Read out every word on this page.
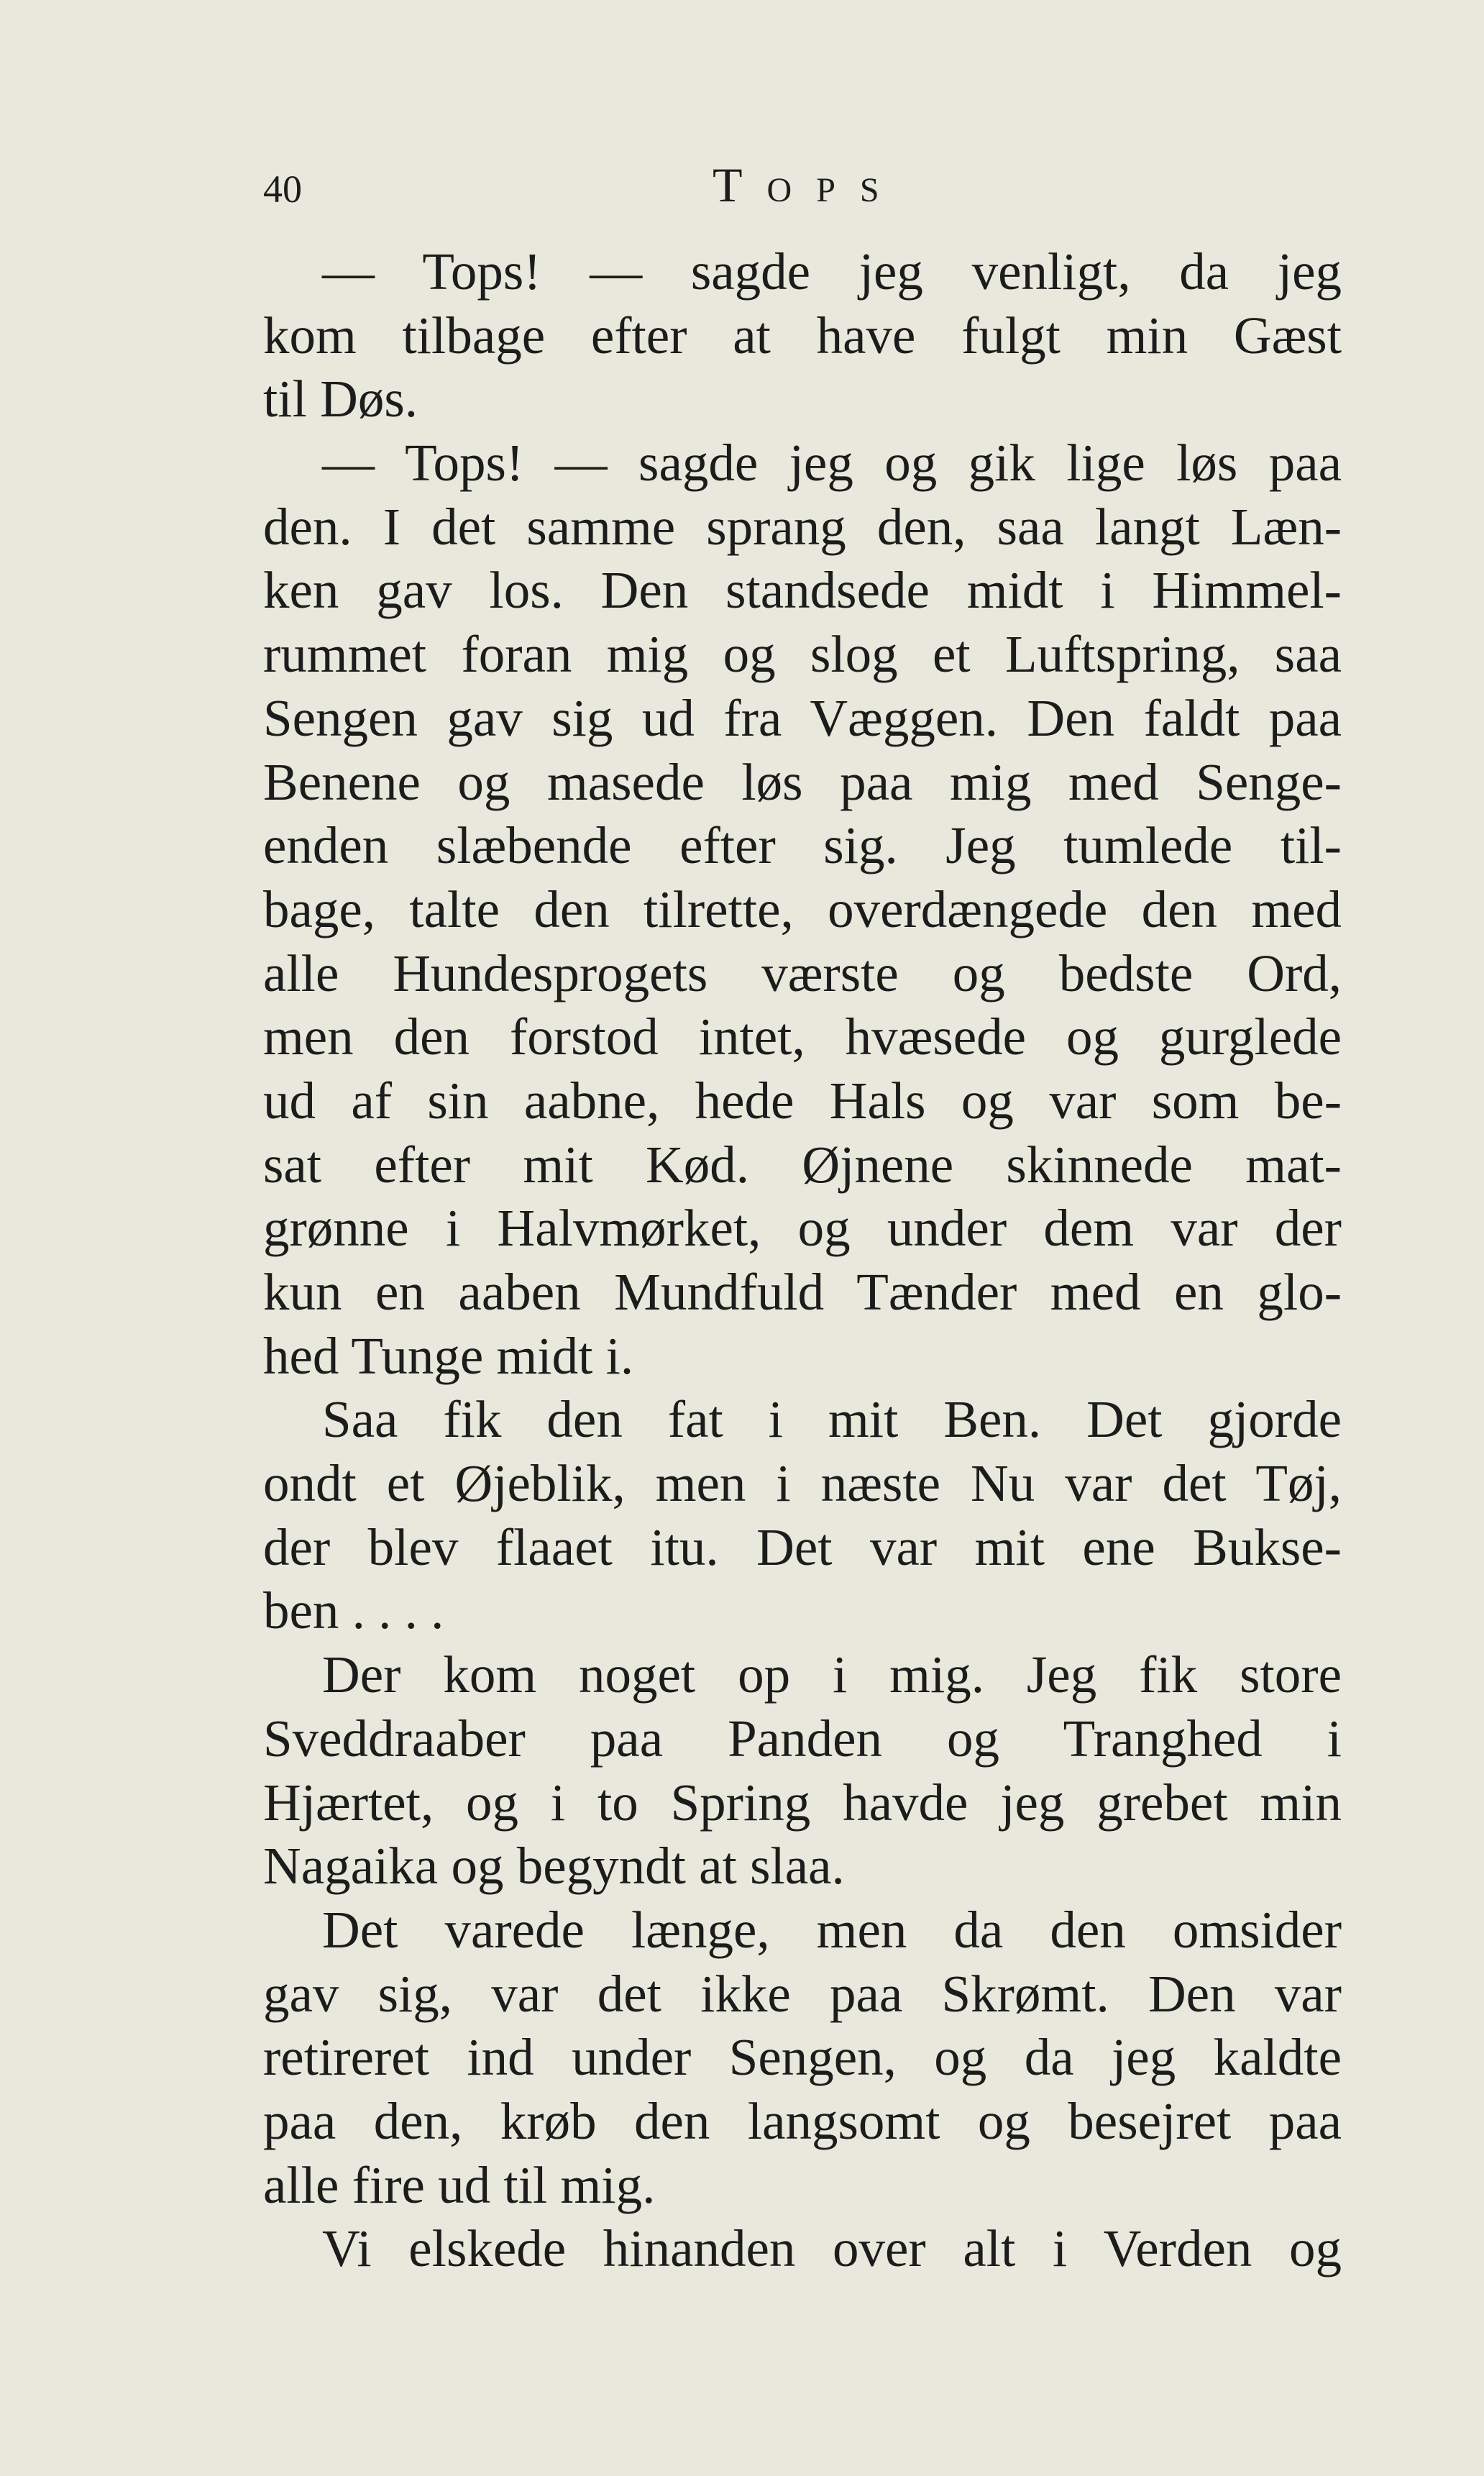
40	Tops
— Tops! — sagde jeg venligt, da jeg
kom tilbage efter at have fulgt min Gæst
til Døs.
— Tops! — sagde jeg og gik lige løs paa
den. I det samme sprang den, saa langt Læn-
ken gav los. Den standsede midt i Himmel-
rummet foran mig og slog et Luftspring, saa
Sengen gav sig ud fra Væggen. Den faldt paa
Benene og masede løs paa mig med Senge-
enden slæbende efter sig. Jeg tumlede til-
bage, talte den tilrette, overdængede den med
alle Hundesprogets værste og bedste Ord,
men den forstod intet, hvæsede og gurglede
ud af sin aabne, hede Hals og var som be-
sat efter mit Kød. Øjnene skinnede mat-
grønne i Halvmørket, og under dem var der
kun en aaben Mundfuld Tænder med en glo-
hed Tunge midt i.
Saa fik den fat i mit Ben. Det gjorde
ondt et Øjeblik, men i næste Nu var det Tøj,
der blev flaaet itu. Det var mit ene Bukse-
ben . . . .
Der kom noget op i mig. Jeg fik store
Sveddraaber paa Panden og Tranghed i
Hjærtet, og i to Spring havde jeg grebet min
Nagaika og begyndt at slaa.
Det varede længe, men da den omsider
gav sig, var det ikke paa Skrømt. Den var
retireret ind under Sengen, og da jeg kaldte
paa den, krøb den langsomt og besejret paa
alle fire ud til mig.
Vi elskede hinanden over alt i Verden og
